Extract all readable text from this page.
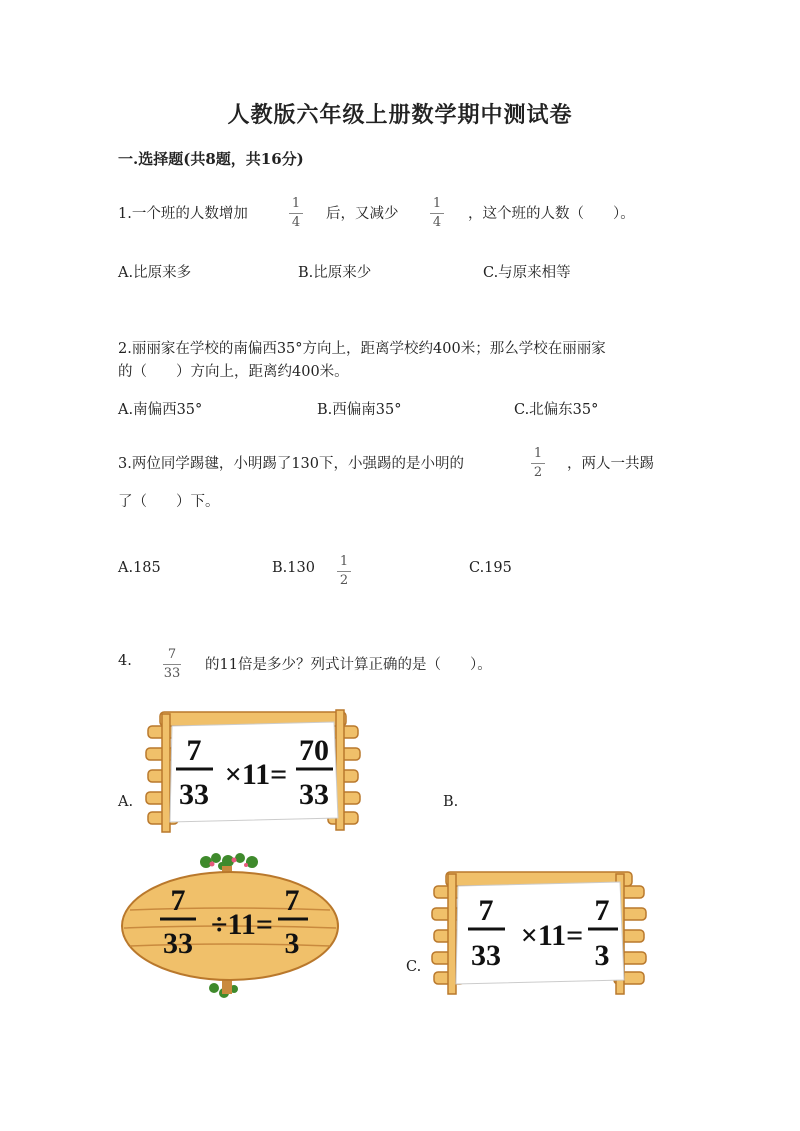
人教版六年级上册数学期中测试卷
一.选择题(共8题，共16分)
1.一个班的人数增加
1
4
后，又减少
1
4
，这个班的人数（　　）。
A.比原来多	B.比原来少	C.与原来相等
2.丽丽家在学校的南偏西35°方向上，距离学校约400米；那么学校在丽丽家
的（　　）方向上，距离约400米。
A.南偏西35°	B.西偏南35°	C.北偏东35°
3.两位同学踢毽，小明踢了130下，小强踢的是小明的
1
2
，两人一共踢
了（　　）下。
A.185	B.130	1
2
C.195
4.	7
33
的11倍是多少？列式计算正确的是（　　）。
A.	B.
C.
7
33
×11=
70
33
7
33
÷11=
7
3
7
33
×11=
7
3
